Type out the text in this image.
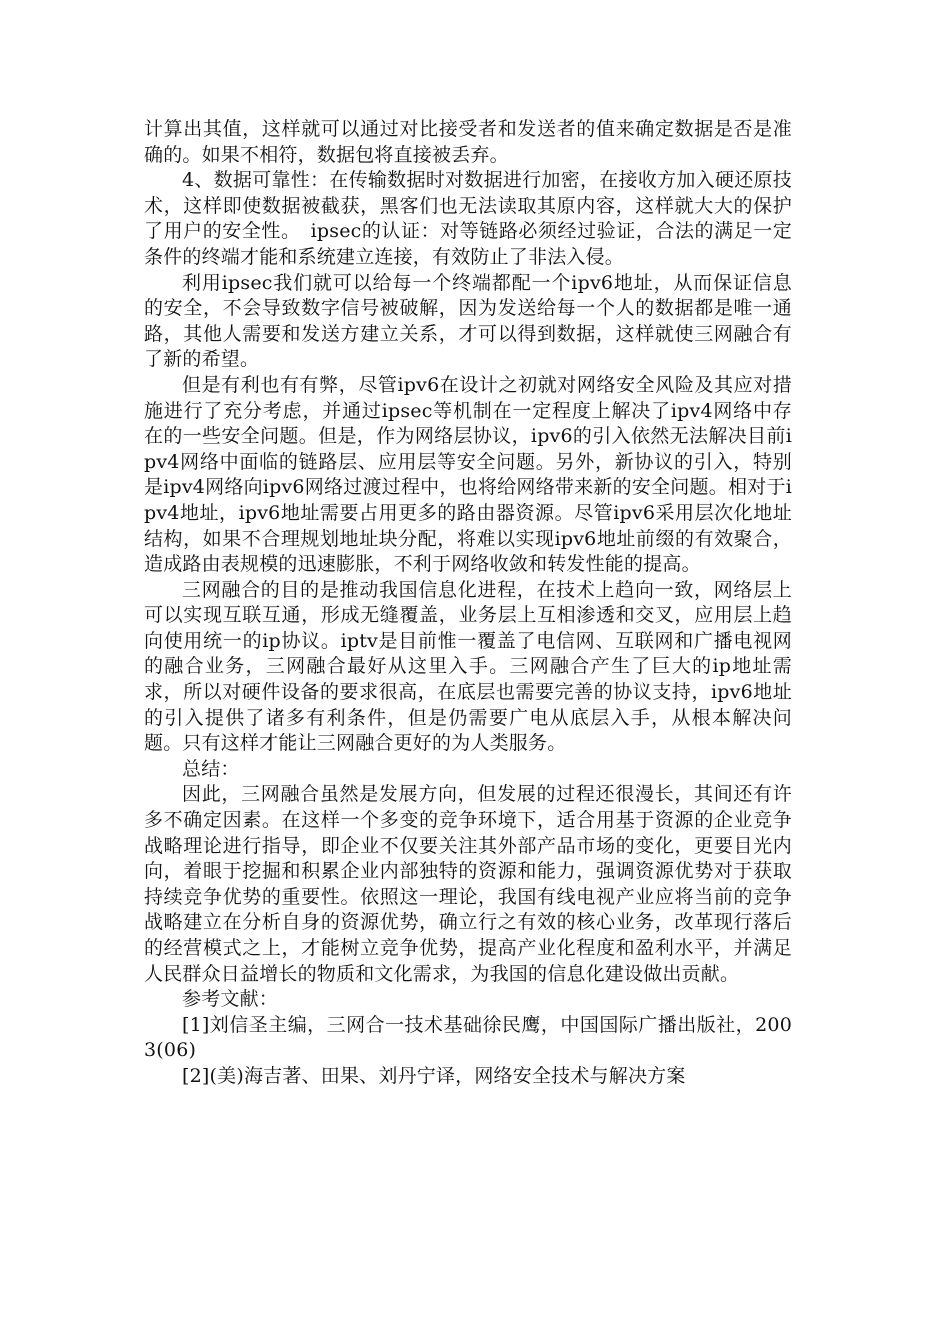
计算出其值，这样就可以通过对比接受者和发送者的值来确定数据是否是准确的。如果不相符，数据包将直接被丢弃。

4、数据可靠性：在传输数据时对数据进行加密，在接收方加入硬还原技术，这样即使数据被截获，黑客们也无法读取其原内容，这样就大大的保护了用户的安全性。　ipsec的认证：对等链路必须经过验证，合法的满足一定条件的终端才能和系统建立连接，有效防止了非法入侵。

利用ipsec我们就可以给每一个终端都配一个ipv6地址，从而保证信息的安全，不会导致数字信号被破解，因为发送给每一个人的数据都是唯一通路，其他人需要和发送方建立关系，才可以得到数据，这样就使三网融合有了新的希望。

但是有利也有有弊，尽管ipv6在设计之初就对网络安全风险及其应对措施进行了充分考虑，并通过ipsec等机制在一定程度上解决了ipv4网络中存在的一些安全问题。但是，作为网络层协议，ipv6的引入依然无法解决目前ipv4网络中面临的链路层、应用层等安全问题。另外，新协议的引入，特别是ipv4网络向ipv6网络过渡过程中，也将给网络带来新的安全问题。相对于ipv4地址，ipv6地址需要占用更多的路由器资源。尽管ipv6采用层次化地址结构，如果不合理规划地址块分配，将难以实现ipv6地址前缀的有效聚合，造成路由表规模的迅速膨胀，不利于网络收敛和转发性能的提高。

三网融合的目的是推动我国信息化进程，在技术上趋向一致，网络层上可以实现互联互通，形成无缝覆盖，业务层上互相渗透和交叉，应用层上趋向使用统一的ip协议。iptv是目前惟一覆盖了电信网、互联网和广播电视网的融合业务，三网融合最好从这里入手。三网融合产生了巨大的ip地址需求，所以对硬件设备的要求很高，在底层也需要完善的协议支持，ipv6地址的引入提供了诸多有利条件，但是仍需要广电从底层入手，从根本解决问题。只有这样才能让三网融合更好的为人类服务。

总结：

因此，三网融合虽然是发展方向，但发展的过程还很漫长，其间还有许多不确定因素。在这样一个多变的竞争环境下，适合用基于资源的企业竞争战略理论进行指导，即企业不仅要关注其外部产品市场的变化，更要目光内向，着眼于挖掘和积累企业内部独特的资源和能力，强调资源优势对于获取持续竞争优势的重要性。依照这一理论，我国有线电视产业应将当前的竞争战略建立在分析自身的资源优势，确立行之有效的核心业务，改革现行落后的经营模式之上，才能树立竞争优势，提高产业化程度和盈利水平，并满足人民群众日益增长的物质和文化需求，为我国的信息化建设做出贡献。

参考文献：

[1]刘信圣主编，三网合一技术基础徐民鹰，中国国际广播出版社，2003(06)

[2](美)海吉著、田果、刘丹宁译，网络安全技术与解决方案
